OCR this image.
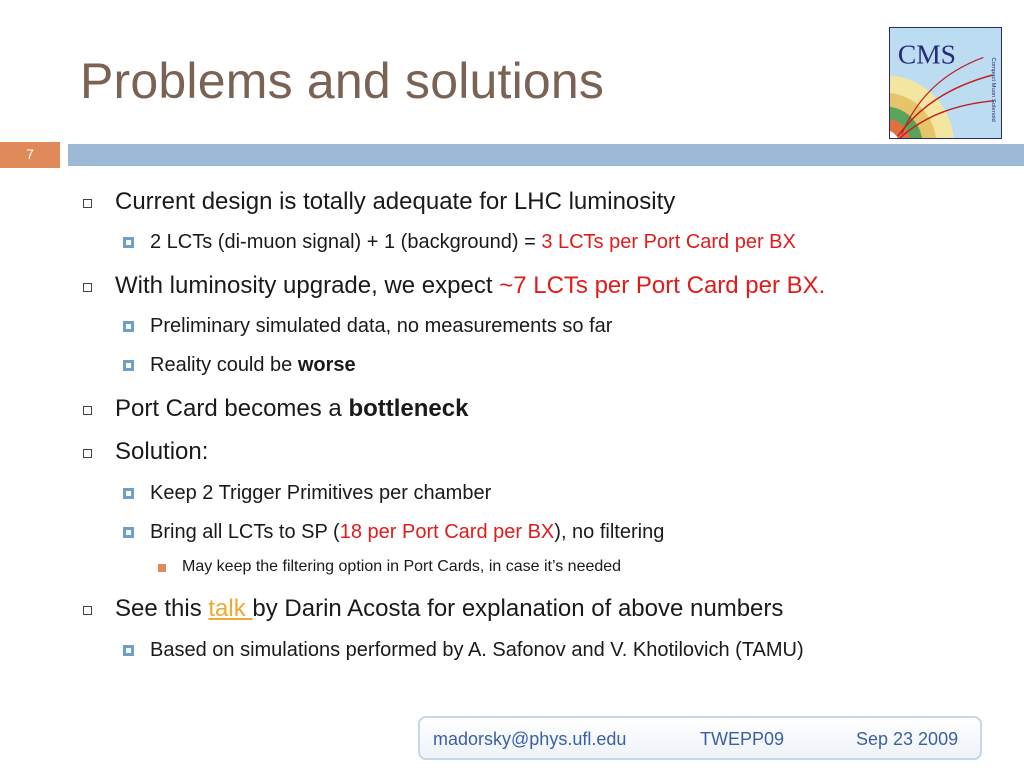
Problems and solutions	CMS
Compact Muon Solenoid
7
Current design is totally adequate for LHC luminosity
2 LCTs (di-muon signal) + 1 (background) = 3 LCTs per Port Card per BX
With luminosity upgrade, we expect ~7 LCTs per Port Card per BX.
Preliminary simulated data, no measurements so far
Reality could be worse
Port Card becomes a bottleneck
Solution:
Keep 2 Trigger Primitives per chamber
Bring all LCTs to SP (18 per Port Card per BX), no filtering
May keep the filtering option in Port Cards, in case it’s needed
See this talk by Darin Acosta for explanation of above numbers
Based on simulations performed by A. Safonov and V. Khotilovich (TAMU)
madorsky@phys.ufl.edu	TWEPP09	Sep 23 2009
